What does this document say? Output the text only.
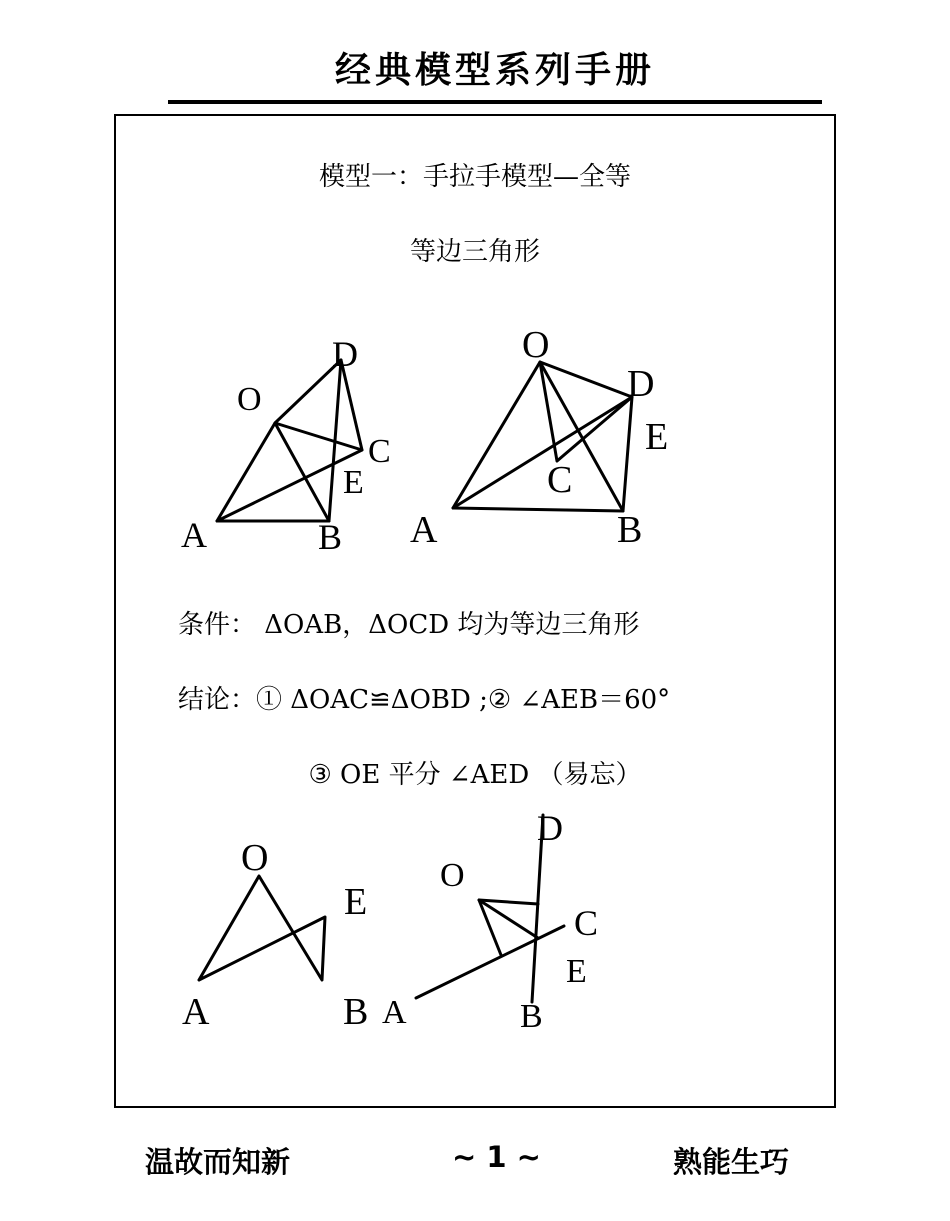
经典模型系列手册
模型一：手拉手模型—全等
等边三角形
条件： ΔOAB，ΔOCD 均为等边三角形
结论：① ΔOAC≌ΔOBD ;② ∠AEB＝60°
③ OE 平分 ∠AED （易忘）
D
O
C
E
A	B
O
D
E
C
A	B
O
E
A	B
D
O
C
E
A	B
温故而知新	~ 1 ~	熟能生巧
